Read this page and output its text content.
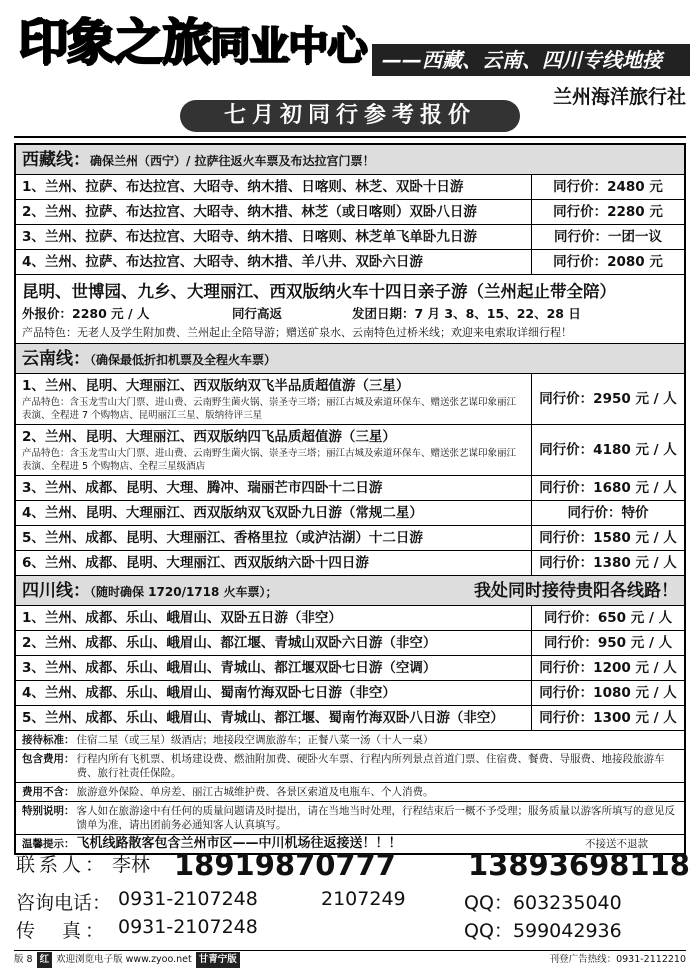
印象之旅同业中心 ——西藏、云南、四川专线地接
兰州海洋旅行社
七月初同行参考报价
西藏线：确保兰州（西宁）/ 拉萨往返火车票及布达拉宫门票！
1、兰州、拉萨、布达拉宫、大昭寺、纳木措、日喀则、林芝、双卧十日游	同行价：2480 元
2、兰州、拉萨、布达拉宫、大昭寺、纳木措、林芝（或日喀则）双卧八日游	同行价：2280 元
3、兰州、拉萨、布达拉宫、大昭寺、纳木措、日喀则、林芝单飞单卧九日游	同行价：一团一议
4、兰州、拉萨、布达拉宫、大昭寺、纳木措、羊八井、双卧六日游	同行价：2080 元
昆明、世博园、九乡、大理丽江、西双版纳火车十四日亲子游（兰州起止带全陪）
外报价：2280 元 / 人	同行高返	发团日期：7 月 3、8、15、22、28 日
产品特色：无老人及学生附加费、兰州起止全陪导游；赠送矿泉水、云南特色过桥米线；欢迎来电索取详细行程！
云南线：（确保最低折扣机票及全程火车票）
1、兰州、昆明、大理丽江、西双版纳双飞半品质超值游（三星）
产品特色：含玉龙雪山大门票、进山费、云南野生菌火锅、崇圣寺三塔；丽江古城及索道环保车、赠送张艺谋印象丽江表演、全程进 7 个购物店、昆明丽江三星、版纳待评三星
同行价：2950 元 / 人
2、兰州、昆明、大理丽江、西双版纳四飞品质超值游（三星）
产品特色：含玉龙雪山大门票、进山费、云南野生菌火锅、崇圣寺三塔；丽江古城及索道环保车、赠送张艺谋印象丽江表演、全程进 5 个购物店、全程三星级酒店
同行价：4180 元 / 人
3、兰州、成都、昆明、大理、腾冲、瑞丽芒市四卧十二日游	同行价：1680 元 / 人
4、兰州、昆明、大理丽江、西双版纳双飞双卧九日游（常规二星）	同行价：特价
5、兰州、成都、昆明、大理丽江、香格里拉（或泸沽湖）十二日游	同行价：1580 元 / 人
6、兰州、成都、昆明、大理丽江、西双版纳六卧十四日游	同行价：1380 元 / 人
四川线：（随时确保 1720/1718 火车票）；	我处同时接待贵阳各线路！
1、兰州、成都、乐山、峨眉山、双卧五日游（非空）	同行价：650 元 / 人
2、兰州、成都、乐山、峨眉山、都江堰、青城山双卧六日游（非空）	同行价：950 元 / 人
3、兰州、成都、乐山、峨眉山、青城山、都江堰双卧七日游（空调）	同行价：1200 元 / 人
4、兰州、成都、乐山、峨眉山、蜀南竹海双卧七日游（非空）	同行价：1080 元 / 人
5、兰州、成都、乐山、峨眉山、青城山、都江堰、蜀南竹海双卧八日游（非空）	同行价：1300 元 / 人
接待标准： 住宿二星（或三星）级酒店；地接段空调旅游车；正餐八菜一汤（十人一桌）
包含费用： 行程内所有飞机票、机场建设费、燃油附加费、硬卧火车票、行程内所列景点首道门票、住宿费、餐费、导服费、地接段旅游车费、旅行社责任保险。
费用不含： 旅游意外保险、单房差、丽江古城维护费、各景区索道及电瓶车、个人消费。
特别说明： 客人如在旅游途中有任何的质量问题请及时提出，请在当地当时处理，行程结束后一概不予受理；服务质量以游客所填写的意见反馈单为准，请出团前务必通知客人认真填写。
温馨提示： 飞机线路散客包含兰州市区——中川机场往返接送！！！	不接送不退款
联系人： 李林 18919870777 13893698118
咨询电话： 0931-2107248	2107249	QQ：603235040
传　真： 0931-2107248	QQ：599042936
版 8 红 欢迎浏览电子版 www.zyoo.net 甘青宁版	刊登广告热线：0931-2112210
